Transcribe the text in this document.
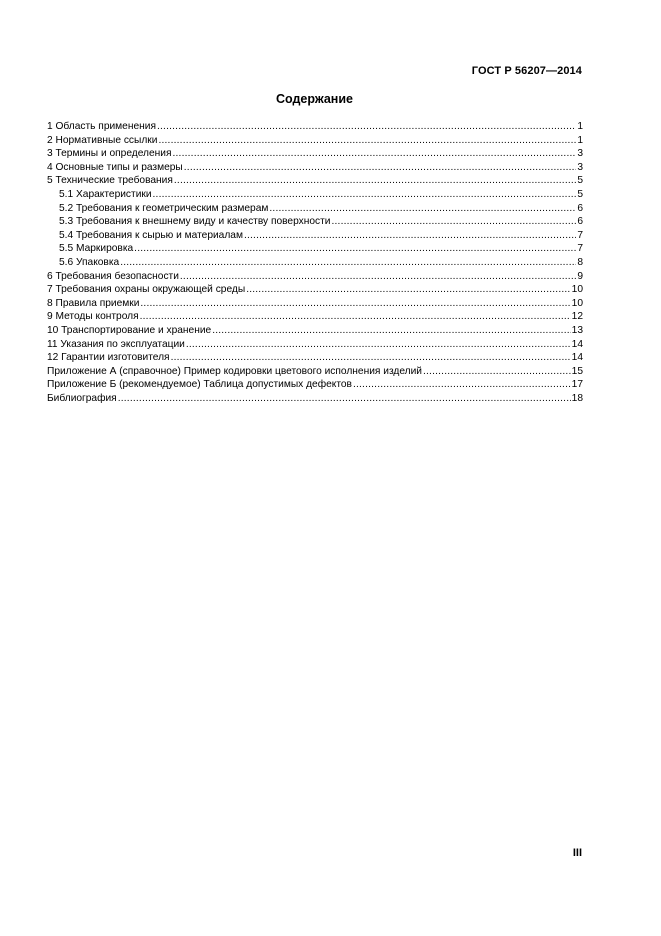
ГОСТ Р 56207—2014
Содержание
1 Область применения .....	1
2 Нормативные ссылки .....	1
3 Термины и определения .....	3
4 Основные типы и размеры .....	3
5 Технические требования .....	5
5.1 Характеристики .....	5
5.2 Требования к геометрическим размерам .....	6
5.3 Требования к внешнему виду и качеству поверхности .....	6
5.4 Требования к сырью и материалам .....	7
5.5 Маркировка .....	7
5.6 Упаковка .....	8
6 Требования безопасности .....	9
7 Требования охраны окружающей среды .....	10
8 Правила приемки .....	10
9 Методы контроля .....	12
10 Транспортирование и хранение .....	13
11 Указания по эксплуатации .....	14
12 Гарантии изготовителя .....	14
Приложение А (справочное) Пример кодировки цветового исполнения изделий .....	15
Приложение Б (рекомендуемое) Таблица допустимых дефектов .....	17
Библиография .....	18
III
